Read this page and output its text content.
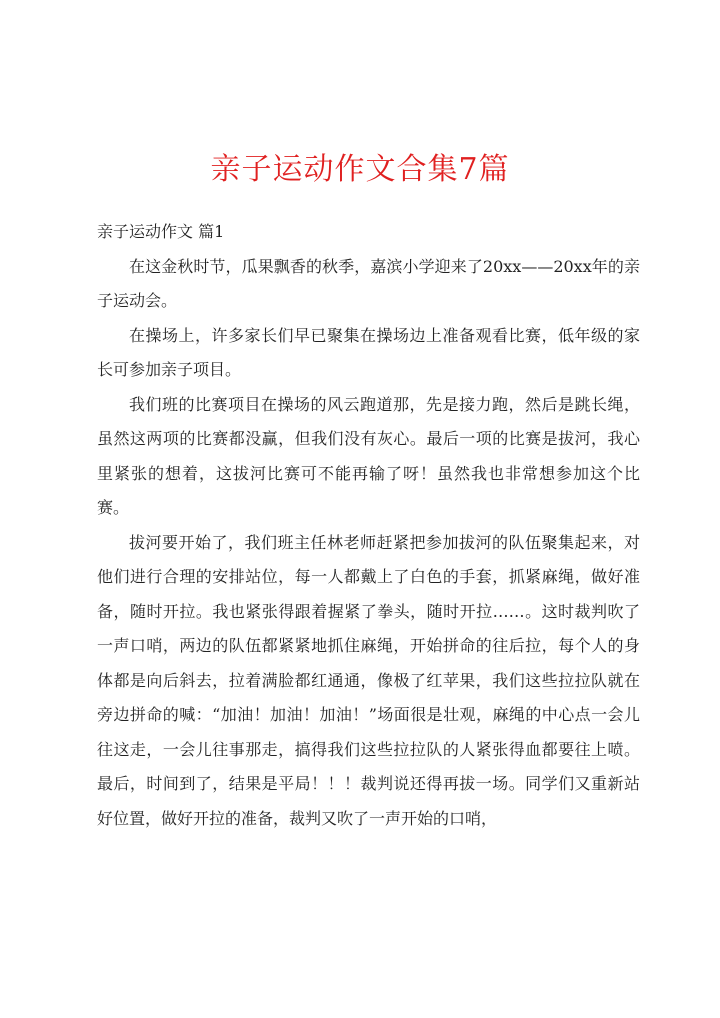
亲子运动作文合集7篇

亲子运动作文 篇1

在这金秋时节，瓜果飘香的秋季，嘉滨小学迎来了20xx——20xx年的亲子运动会。

在操场上，许多家长们早已聚集在操场边上准备观看比赛，低年级的家长可参加亲子项目。

我们班的比赛项目在操场的风云跑道那，先是接力跑，然后是跳长绳，虽然这两项的比赛都没赢，但我们没有灰心。最后一项的比赛是拔河，我心里紧张的想着，这拔河比赛可不能再输了呀！虽然我也非常想参加这个比赛。

拔河要开始了，我们班主任林老师赶紧把参加拔河的队伍聚集起来，对他们进行合理的安排站位，每一人都戴上了白色的手套，抓紧麻绳，做好准备，随时开拉。我也紧张得跟着握紧了拳头，随时开拉……。这时裁判吹了一声口哨，两边的队伍都紧紧地抓住麻绳，开始拼命的往后拉，每个人的身体都是向后斜去，拉着满脸都红通通，像极了红苹果，我们这些拉拉队就在旁边拼命的喊：“加油！加油！加油！”场面很是壮观，麻绳的中心点一会儿往这走，一会儿往事那走，搞得我们这些拉拉队的人紧张得血都要往上喷。最后，时间到了，结果是平局！！！裁判说还得再拔一场。同学们又重新站好位置，做好开拉的准备，裁判又吹了一声开始的口哨，
